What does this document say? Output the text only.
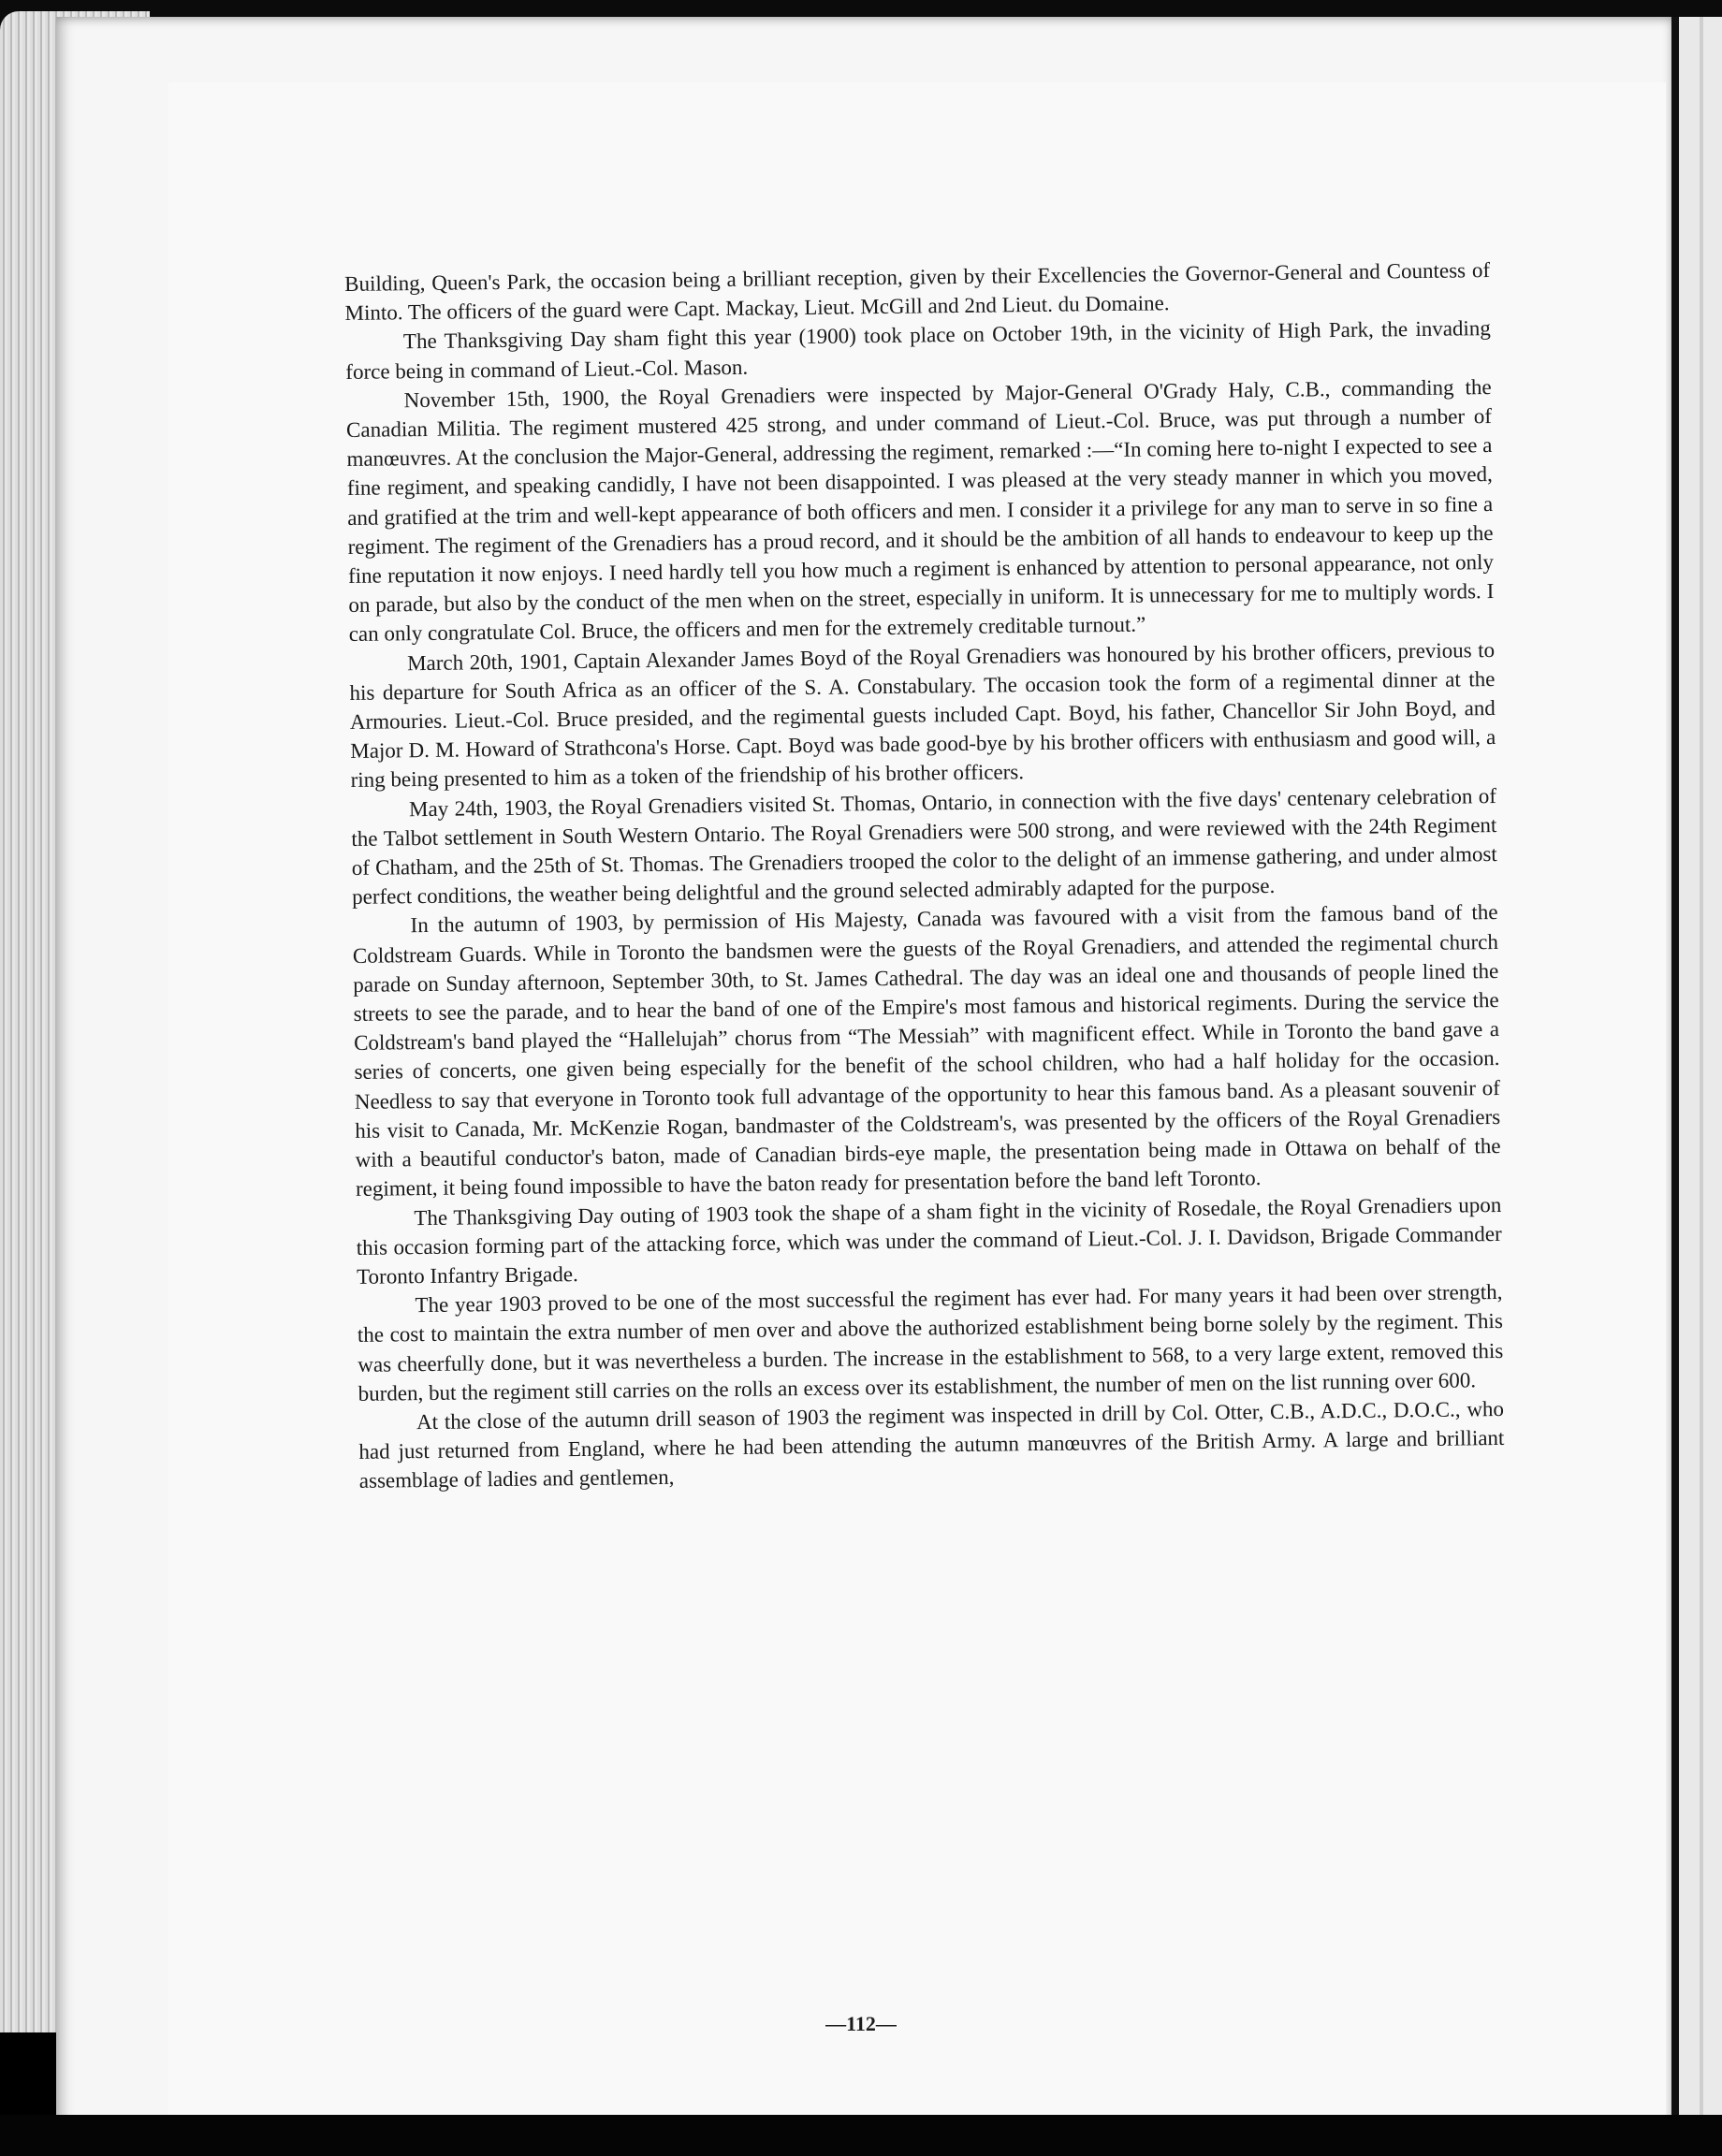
Building, Queen's Park, the occasion being a brilliant reception, given by their Excellencies the Governor-General and Countess of Minto. The officers of the guard were Capt. Mackay, Lieut. McGill and 2nd Lieut. du Domaine.

The Thanksgiving Day sham fight this year (1900) took place on October 19th, in the vicinity of High Park, the invading force being in command of Lieut.-Col. Mason.

November 15th, 1900, the Royal Grenadiers were inspected by Major-General O'Grady Haly, C.B., commanding the Canadian Militia. The regiment mustered 425 strong, and under command of Lieut.-Col. Bruce, was put through a number of manœuvres. At the conclusion the Major-General, addressing the regiment, remarked :—“In coming here to-night I expected to see a fine regiment, and speaking candidly, I have not been disappointed. I was pleased at the very steady manner in which you moved, and gratified at the trim and well-kept appearance of both officers and men. I consider it a privilege for any man to serve in so fine a regiment. The regiment of the Grenadiers has a proud record, and it should be the ambition of all hands to endeavour to keep up the fine reputation it now enjoys. I need hardly tell you how much a regiment is enhanced by attention to personal appearance, not only on parade, but also by the conduct of the men when on the street, especially in uniform. It is unnecessary for me to multiply words. I can only congratulate Col. Bruce, the officers and men for the extremely creditable turnout.”

March 20th, 1901, Captain Alexander James Boyd of the Royal Grenadiers was honoured by his brother officers, previous to his departure for South Africa as an officer of the S. A. Constabulary. The occasion took the form of a regimental dinner at the Armouries. Lieut.-Col. Bruce presided, and the regimental guests included Capt. Boyd, his father, Chancellor Sir John Boyd, and Major D. M. Howard of Strathcona's Horse. Capt. Boyd was bade good-bye by his brother officers with enthusiasm and good will, a ring being presented to him as a token of the friendship of his brother officers.

May 24th, 1903, the Royal Grenadiers visited St. Thomas, Ontario, in connection with the five days' centenary celebration of the Talbot settlement in South Western Ontario. The Royal Grenadiers were 500 strong, and were reviewed with the 24th Regiment of Chatham, and the 25th of St. Thomas. The Grenadiers trooped the color to the delight of an immense gathering, and under almost perfect conditions, the weather being delightful and the ground selected admirably adapted for the purpose.

In the autumn of 1903, by permission of His Majesty, Canada was favoured with a visit from the famous band of the Coldstream Guards. While in Toronto the bandsmen were the guests of the Royal Grenadiers, and attended the regimental church parade on Sunday afternoon, September 30th, to St. James Cathedral. The day was an ideal one and thousands of people lined the streets to see the parade, and to hear the band of one of the Empire's most famous and historical regiments. During the service the Coldstream's band played the “Hallelujah” chorus from “The Messiah” with magnificent effect. While in Toronto the band gave a series of concerts, one given being especially for the benefit of the school children, who had a half holiday for the occasion. Needless to say that everyone in Toronto took full advantage of the opportunity to hear this famous band. As a pleasant souvenir of his visit to Canada, Mr. McKenzie Rogan, bandmaster of the Coldstream's, was presented by the officers of the Royal Grenadiers with a beautiful conductor's baton, made of Canadian birds-eye maple, the presentation being made in Ottawa on behalf of the regiment, it being found impossible to have the baton ready for presentation before the band left Toronto.

The Thanksgiving Day outing of 1903 took the shape of a sham fight in the vicinity of Rosedale, the Royal Grenadiers upon this occasion forming part of the attacking force, which was under the command of Lieut.-Col. J. I. Davidson, Brigade Commander Toronto Infantry Brigade.

The year 1903 proved to be one of the most successful the regiment has ever had. For many years it had been over strength, the cost to maintain the extra number of men over and above the authorized establishment being borne solely by the regiment. This was cheerfully done, but it was nevertheless a burden. The increase in the establishment to 568, to a very large extent, removed this burden, but the regiment still carries on the rolls an excess over its establishment, the number of men on the list running over 600.

At the close of the autumn drill season of 1903 the regiment was inspected in drill by Col. Otter, C.B., A.D.C., D.O.C., who had just returned from England, where he had been attending the autumn manœuvres of the British Army. A large and brilliant assemblage of ladies and gentlemen,

—112—
